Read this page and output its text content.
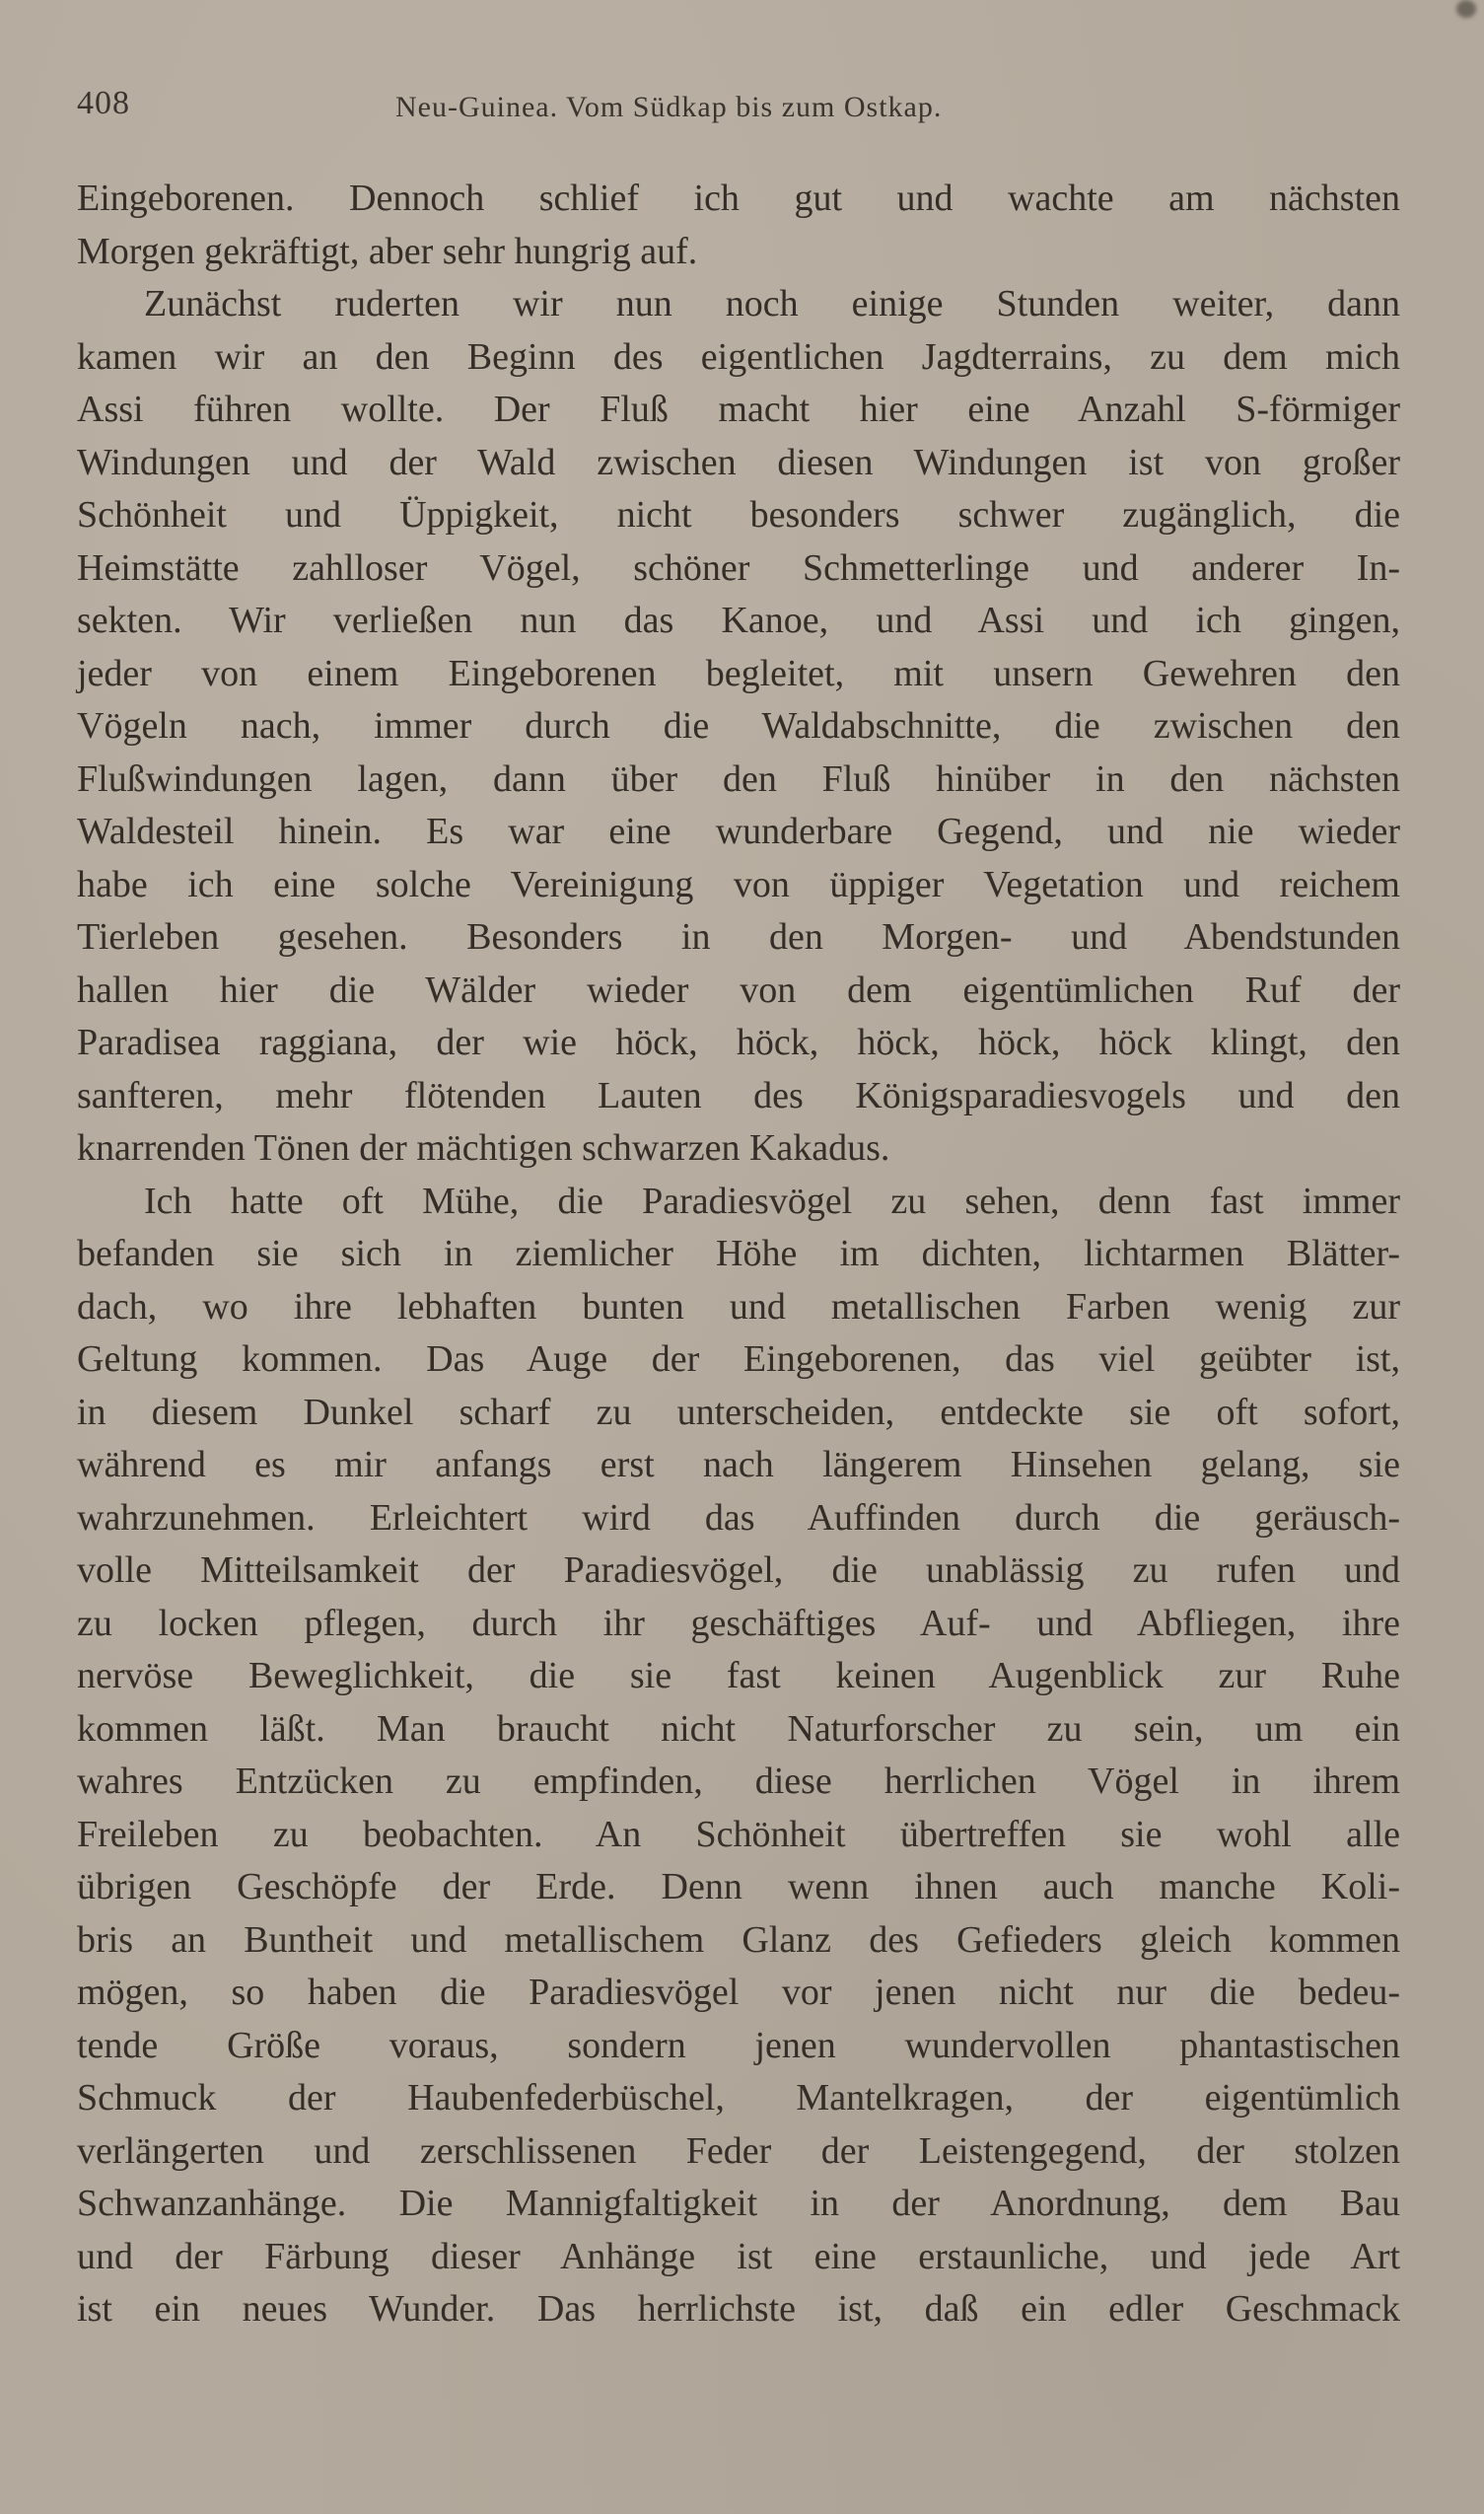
408	Neu-Guinea. Vom Südkap bis zum Ostkap.

Eingeborenen. Dennoch schlief ich gut und wachte am nächsten
Morgen gekräftigt, aber sehr hungrig auf.

Zunächst ruderten wir nun noch einige Stunden weiter, dann
kamen wir an den Beginn des eigentlichen Jagdterrains, zu dem mich
Assi führen wollte. Der Fluß macht hier eine Anzahl S-förmiger
Windungen und der Wald zwischen diesen Windungen ist von großer
Schönheit und Üppigkeit, nicht besonders schwer zugänglich, die
Heimstätte zahlloser Vögel, schöner Schmetterlinge und anderer In-
sekten. Wir verließen nun das Kanoe, und Assi und ich gingen,
jeder von einem Eingeborenen begleitet, mit unsern Gewehren den
Vögeln nach, immer durch die Waldabschnitte, die zwischen den
Flußwindungen lagen, dann über den Fluß hinüber in den nächsten
Waldesteil hinein. Es war eine wunderbare Gegend, und nie wieder
habe ich eine solche Vereinigung von üppiger Vegetation und reichem
Tierleben gesehen. Besonders in den Morgen- und Abendstunden
hallen hier die Wälder wieder von dem eigentümlichen Ruf der
Paradisea raggiana, der wie höck, höck, höck, höck, höck klingt, den
sanfteren, mehr flötenden Lauten des Königsparadiesvogels und den
knarrenden Tönen der mächtigen schwarzen Kakadus.

Ich hatte oft Mühe, die Paradiesvögel zu sehen, denn fast immer
befanden sie sich in ziemlicher Höhe im dichten, lichtarmen Blätter-
dach, wo ihre lebhaften bunten und metallischen Farben wenig zur
Geltung kommen. Das Auge der Eingeborenen, das viel geübter ist,
in diesem Dunkel scharf zu unterscheiden, entdeckte sie oft sofort,
während es mir anfangs erst nach längerem Hinsehen gelang, sie
wahrzunehmen. Erleichtert wird das Auffinden durch die geräusch-
volle Mitteilsamkeit der Paradiesvögel, die unablässig zu rufen und
zu locken pflegen, durch ihr geschäftiges Auf- und Abfliegen, ihre
nervöse Beweglichkeit, die sie fast keinen Augenblick zur Ruhe
kommen läßt. Man braucht nicht Naturforscher zu sein, um ein
wahres Entzücken zu empfinden, diese herrlichen Vögel in ihrem
Freileben zu beobachten. An Schönheit übertreffen sie wohl alle
übrigen Geschöpfe der Erde. Denn wenn ihnen auch manche Koli-
bris an Buntheit und metallischem Glanz des Gefieders gleich kommen
mögen, so haben die Paradiesvögel vor jenen nicht nur die bedeu-
tende Größe voraus, sondern jenen wundervollen phantastischen
Schmuck der Haubenfederbüschel, Mantelkragen, der eigentümlich
verlängerten und zerschlissenen Feder der Leistengegend, der stolzen
Schwanzanhänge. Die Mannigfaltigkeit in der Anordnung, dem Bau
und der Färbung dieser Anhänge ist eine erstaunliche, und jede Art
ist ein neues Wunder. Das herrlichste ist, daß ein edler Geschmack
